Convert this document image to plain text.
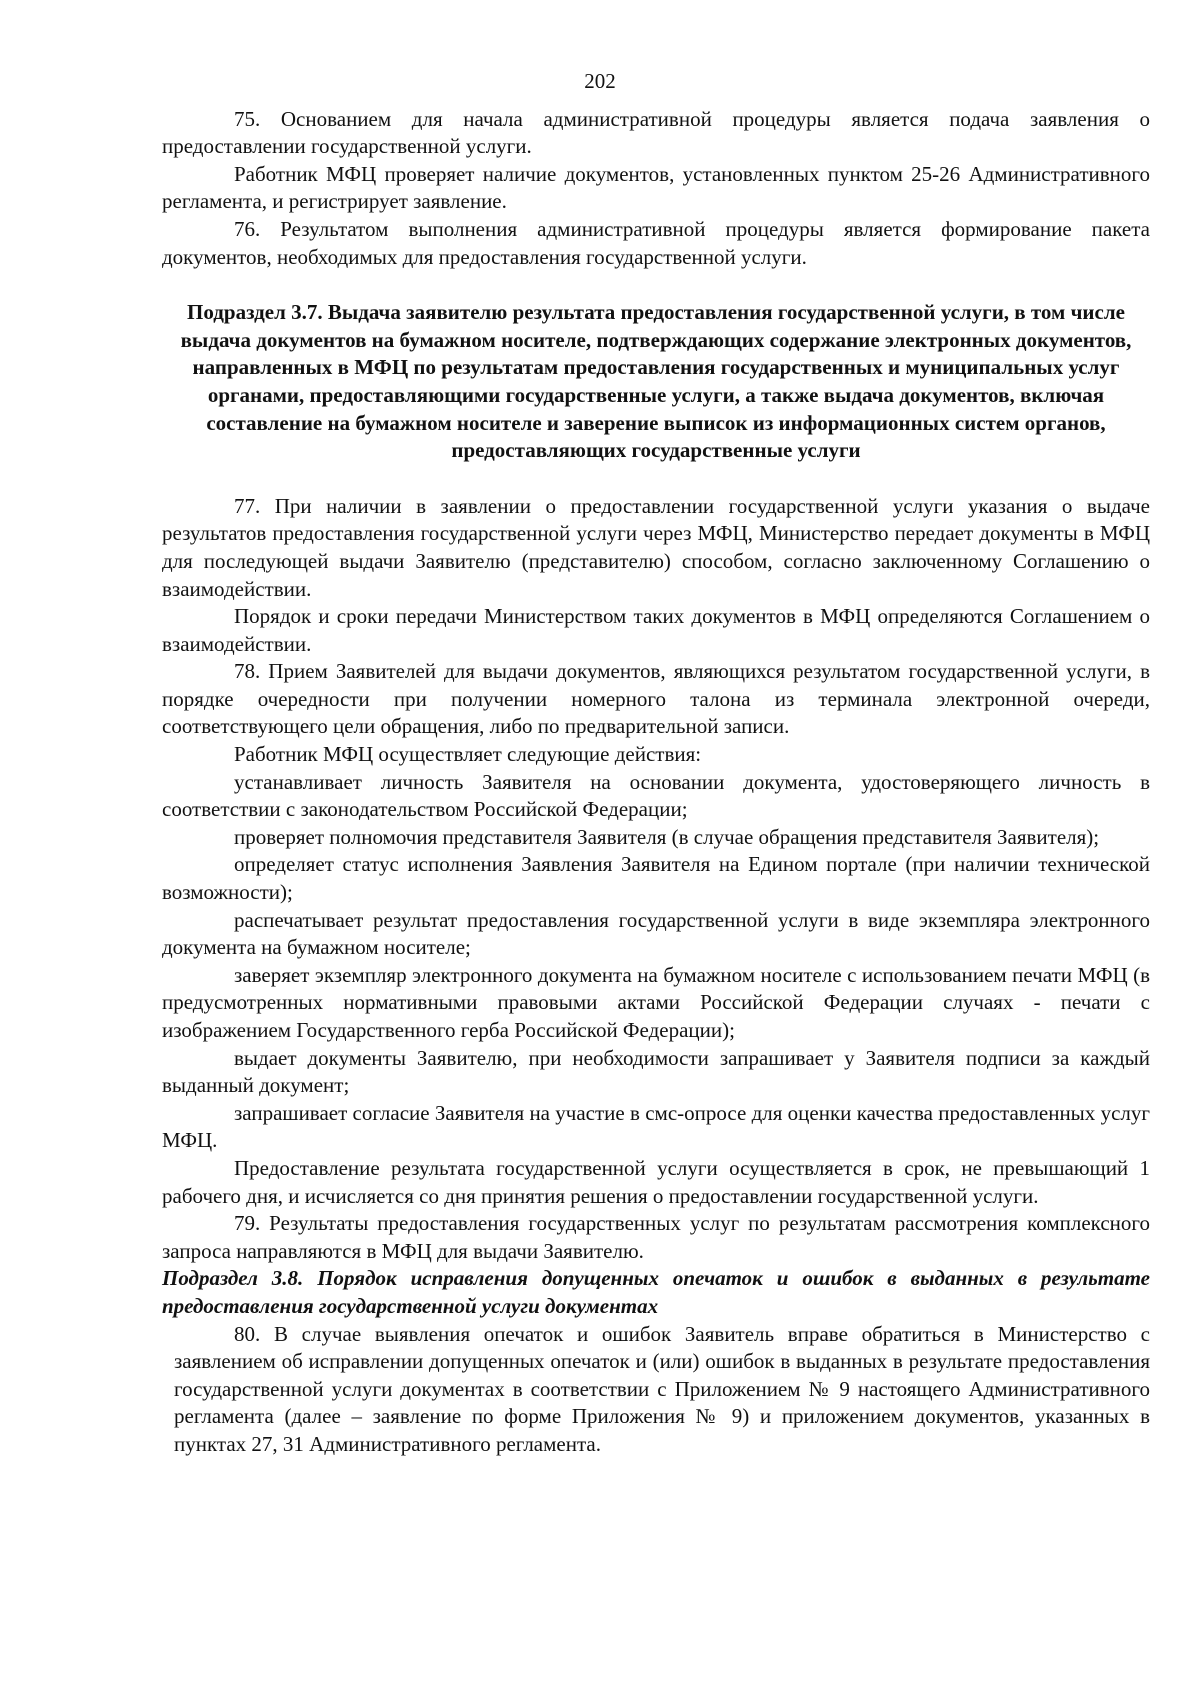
202

75. Основанием для начала административной процедуры является подача заявления о предоставлении государственной услуги.

Работник МФЦ проверяет наличие документов, установленных пунктом 25-26 Административного регламента, и регистрирует заявление.

76. Результатом выполнения административной процедуры является формирование пакета документов, необходимых для предоставления государственной услуги.

Подраздел 3.7. Выдача заявителю результата предоставления государственной услуги, в том числе выдача документов на бумажном носителе, подтверждающих содержание электронных документов, направленных в МФЦ по результатам предоставления государственных и муниципальных услуг органами, предоставляющими государственные услуги, а также выдача документов, включая составление на бумажном носителе и заверение выписок из информационных систем органов, предоставляющих государственные услуги

77. При наличии в заявлении о предоставлении государственной услуги указания о выдаче результатов предоставления государственной услуги через МФЦ, Министерство передает документы в МФЦ для последующей выдачи Заявителю (представителю) способом, согласно заключенному Соглашению о взаимодействии.

Порядок и сроки передачи Министерством таких документов в МФЦ определяются Соглашением о взаимодействии.

78. Прием Заявителей для выдачи документов, являющихся результатом государственной услуги, в порядке очередности при получении номерного талона из терминала электронной очереди, соответствующего цели обращения, либо по предварительной записи.

Работник МФЦ осуществляет следующие действия:

устанавливает личность Заявителя на основании документа, удостоверяющего личность в соответствии с законодательством Российской Федерации;

проверяет полномочия представителя Заявителя (в случае обращения представителя Заявителя);

определяет статус исполнения Заявления Заявителя на Едином портале (при наличии технической возможности);

распечатывает результат предоставления государственной услуги в виде экземпляра электронного документа на бумажном носителе;

заверяет экземпляр электронного документа на бумажном носителе с использованием печати МФЦ (в предусмотренных нормативными правовыми актами Российской Федерации случаях - печати с изображением Государственного герба Российской Федерации);

выдает документы Заявителю, при необходимости запрашивает у Заявителя подписи за каждый выданный документ;

запрашивает согласие Заявителя на участие в смс-опросе для оценки качества предоставленных услуг МФЦ.

Предоставление результата государственной услуги осуществляется в срок, не превышающий 1 рабочего дня, и исчисляется со дня принятия решения о предоставлении государственной услуги.

79. Результаты предоставления государственных услуг по результатам рассмотрения комплексного запроса направляются в МФЦ для выдачи Заявителю.

Подраздел 3.8. Порядок исправления допущенных опечаток и ошибок в выданных в результате предоставления государственной услуги документах

80. В случае выявления опечаток и ошибок Заявитель вправе обратиться в Министерство с заявлением об исправлении допущенных опечаток и (или) ошибок в выданных в результате предоставления государственной услуги документах в соответствии с Приложением № 9 настоящего Административного регламента (далее – заявление по форме Приложения № 9) и приложением документов, указанных в пунктах 27, 31 Административного регламента.
